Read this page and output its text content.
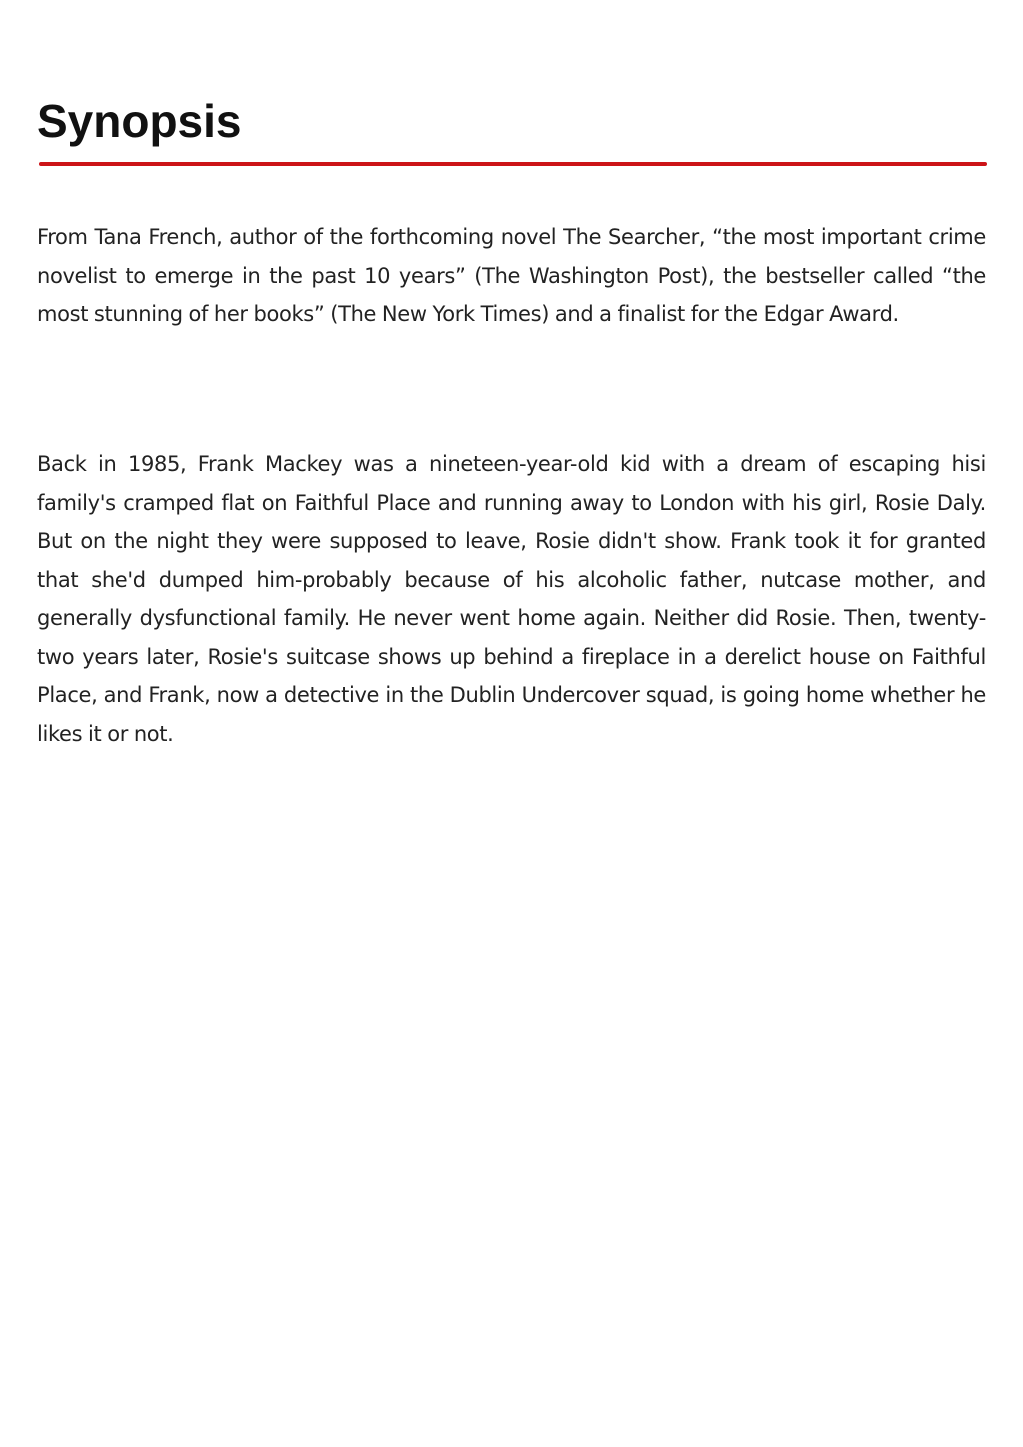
Synopsis

From Tana French, author of the forthcoming novel The Searcher, “the most important crime novelist to emerge in the past 10 years” (The Washington Post), the bestseller called “the most stunning of her books” (The New York Times) and a finalist for the Edgar Award.

Back in 1985, Frank Mackey was a nineteen-year-old kid with a dream of escaping hisi family's cramped flat on Faithful Place and running away to London with his girl, Rosie Daly. But on the night they were supposed to leave, Rosie didn't show. Frank took it for granted that she'd dumped him-probably because of his alcoholic father, nutcase mother, and generally dysfunctional family. He never went home again. Neither did Rosie. Then, twenty-two years later, Rosie's suitcase shows up behind a fireplace in a derelict house on Faithful Place, and Frank, now a detective in the Dublin Undercover squad, is going home whether he likes it or not.
